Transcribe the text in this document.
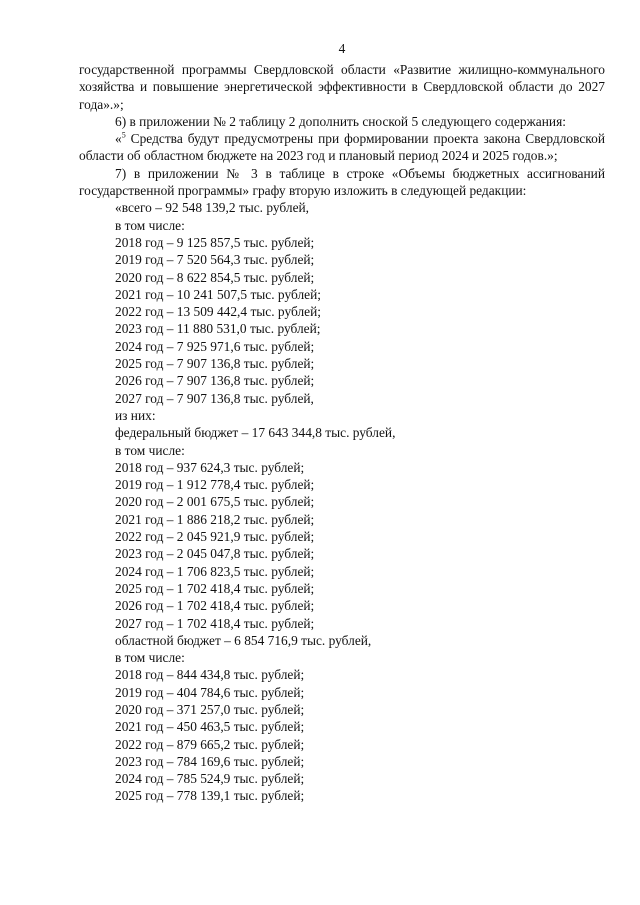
4

государственной программы Свердловской области «Развитие жилищно-коммунального хозяйства и повышение энергетической эффективности в Свердловской области до 2027 года».»;

6) в приложении № 2 таблицу 2 дополнить сноской 5 следующего содержания:

«$^5$ Средства будут предусмотрены при формировании проекта закона Свердловской области об областном бюджете на 2023 год и плановый период 2024 и 2025 годов.»;

7) в приложении № 3 в таблице в строке «Объемы бюджетных ассигнований государственной программы» графу вторую изложить в следующей редакции:

«всего – 92 548 139,2 тыс. рублей,

в том числе:

2018 год – 9 125 857,5 тыс. рублей;

2019 год – 7 520 564,3 тыс. рублей;

2020 год – 8 622 854,5 тыс. рублей;

2021 год – 10 241 507,5 тыс. рублей;

2022 год – 13 509 442,4 тыс. рублей;

2023 год – 11 880 531,0 тыс. рублей;

2024 год – 7 925 971,6 тыс. рублей;

2025 год – 7 907 136,8 тыс. рублей;

2026 год – 7 907 136,8 тыс. рублей;

2027 год – 7 907 136,8 тыс. рублей,

из них:

федеральный бюджет – 17 643 344,8 тыс. рублей,

в том числе:

2018 год – 937 624,3 тыс. рублей;

2019 год – 1 912 778,4 тыс. рублей;

2020 год – 2 001 675,5 тыс. рублей;

2021 год – 1 886 218,2 тыс. рублей;

2022 год – 2 045 921,9 тыс. рублей;

2023 год – 2 045 047,8 тыс. рублей;

2024 год – 1 706 823,5 тыс. рублей;

2025 год – 1 702 418,4 тыс. рублей;

2026 год – 1 702 418,4 тыс. рублей;

2027 год – 1 702 418,4 тыс. рублей;

областной бюджет – 6 854 716,9 тыс. рублей,

в том числе:

2018 год – 844 434,8 тыс. рублей;

2019 год – 404 784,6 тыс. рублей;

2020 год – 371 257,0 тыс. рублей;

2021 год – 450 463,5 тыс. рублей;

2022 год – 879 665,2 тыс. рублей;

2023 год – 784 169,6 тыс. рублей;

2024 год – 785 524,9 тыс. рублей;

2025 год – 778 139,1 тыс. рублей;
